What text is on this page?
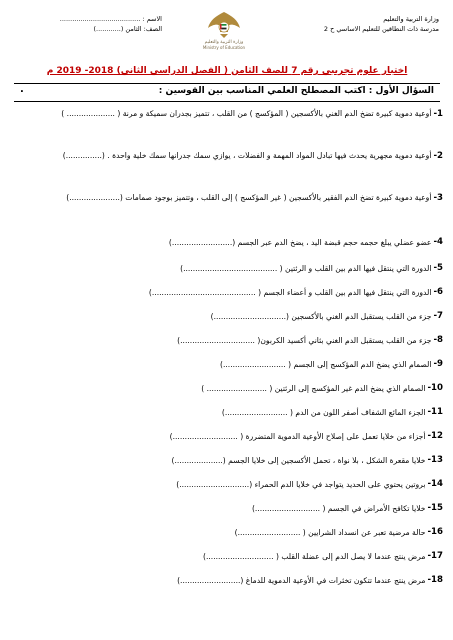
وزارة التربية والتعليم
مدرسة ذات النطاقين للتعليم الاساسي ح 2
وزارة التربية والتعليم
Ministry of Education
الاسم : .......................................
الصف: الثامن (............)
اختبار علوم تجريبي رقم 7 للصف الثامن ( الفصل الدراسي الثاني) 2018- 2019 م
السؤال الأول : اكتب المصطلح العلمي المناسب بين القوسين :
.
1-
أوعية دموية كبيرة تضخ الدم الغني بالأكسجين ( المؤكسج ) من القلب ، تتميز بجدران سميكة و مرنة ( .................... )
2-
أوعية دموية مجهرية يحدث فيها تبادل المواد المهمة و الفضلات ، يوازي سمك جدرانها سمك خلية واحدة . (...............)
3-
أوعية دموية كبيرة تضخ الدم الفقير بالأكسجين ( غير المؤكسج ) إلى القلب ، وتتميز بوجود صمامات (.....................)
4-
عضو عضلي يبلغ حجمه حجم قبضة اليد ، يضخ الدم عبر الجسم (.........................)
5-
الدورة التي ينتقل فيها الدم بين القلب و الرئتين ( .......................................)
6-
الدورة التي ينتقل فيها الدم بين القلب و أعضاء الجسم ( ...........................................)
7-
جزء من القلب يستقبل الدم الغني بالأكسجين (..............................)
8-
جزء من القلب يستقبل الدم الغني بثاني أكسيد الكربون( ...............................)
9-
الصمام الذي يضخ الدم المؤكسج إلى الجسم ( ..........................)
10-
الصمام الذي يضخ الدم غير المؤكسج إلى الرئتين ( ......................... )
11-
الجزء المائع الشفاف أصفر اللون من الدم ( ..........................)
12-
أجزاء من خلايا تعمل على إصلاح الأوعية الدموية المتضررة ( ...........................)
13-
خلايا مقعرة الشكل ، بلا نواة ، تحمل الأكسجين إلى خلايا الجسم (....................)
14-
بروتين يحتوي على الحديد يتواجد في خلايا الدم الحمراء (.............................)
15-
خلايا تكافح الأمراض في الجسم ( ...........................)
16-
حالة مرضية تعبر عن انسداد الشرايين ( ..........................)
17-
مرض ينتج عندما لا يصل الدم إلى عضلة القلب ( ............................)
18-
مرض ينتج عندما تتكون تخثرات في الأوعية الدموية للدماغ (.........................)
